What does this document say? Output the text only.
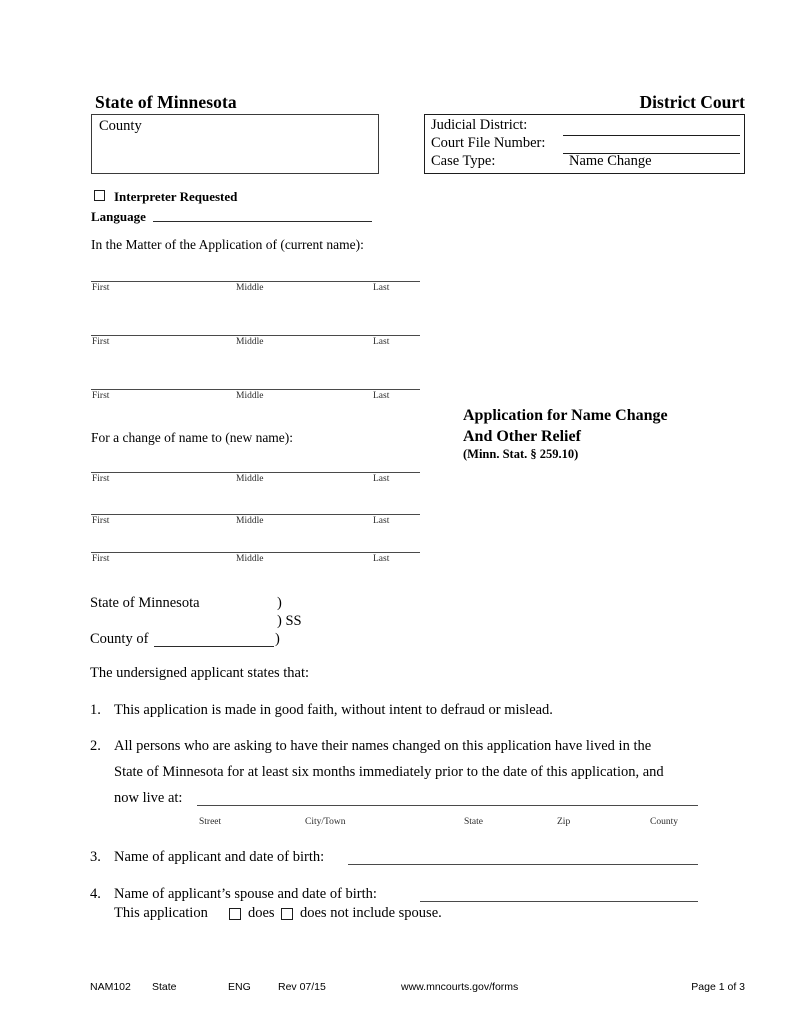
State of Minnesota	District Court
County	Judicial District:
Court File Number:
Case Type:	Name Change
Interpreter Requested
Language
In the Matter of the Application of (current name):
First	Middle	Last
First	Middle	Last
First	Middle	Last
Application for Name Change
And Other Relief
(Minn. Stat. § 259.10)
For a change of name to (new name):
First	Middle	Last
First	Middle	Last
First	Middle	Last
State of Minnesota	)
) SS
County of	)
The undersigned applicant states that:
1. This application is made in good faith, without intent to defraud or mislead.
2. All persons who are asking to have their names changed on this application have lived in the
State of Minnesota for at least six months immediately prior to the date of this application, and
now live at:
Street	City/Town	State	Zip	County
3. Name of applicant and date of birth:
4. Name of applicant’s spouse and date of birth:
This application	does does not include spouse.
NAM102 State	ENG	Rev 07/15	www.mncourts.gov/forms	Page 1 of 3
